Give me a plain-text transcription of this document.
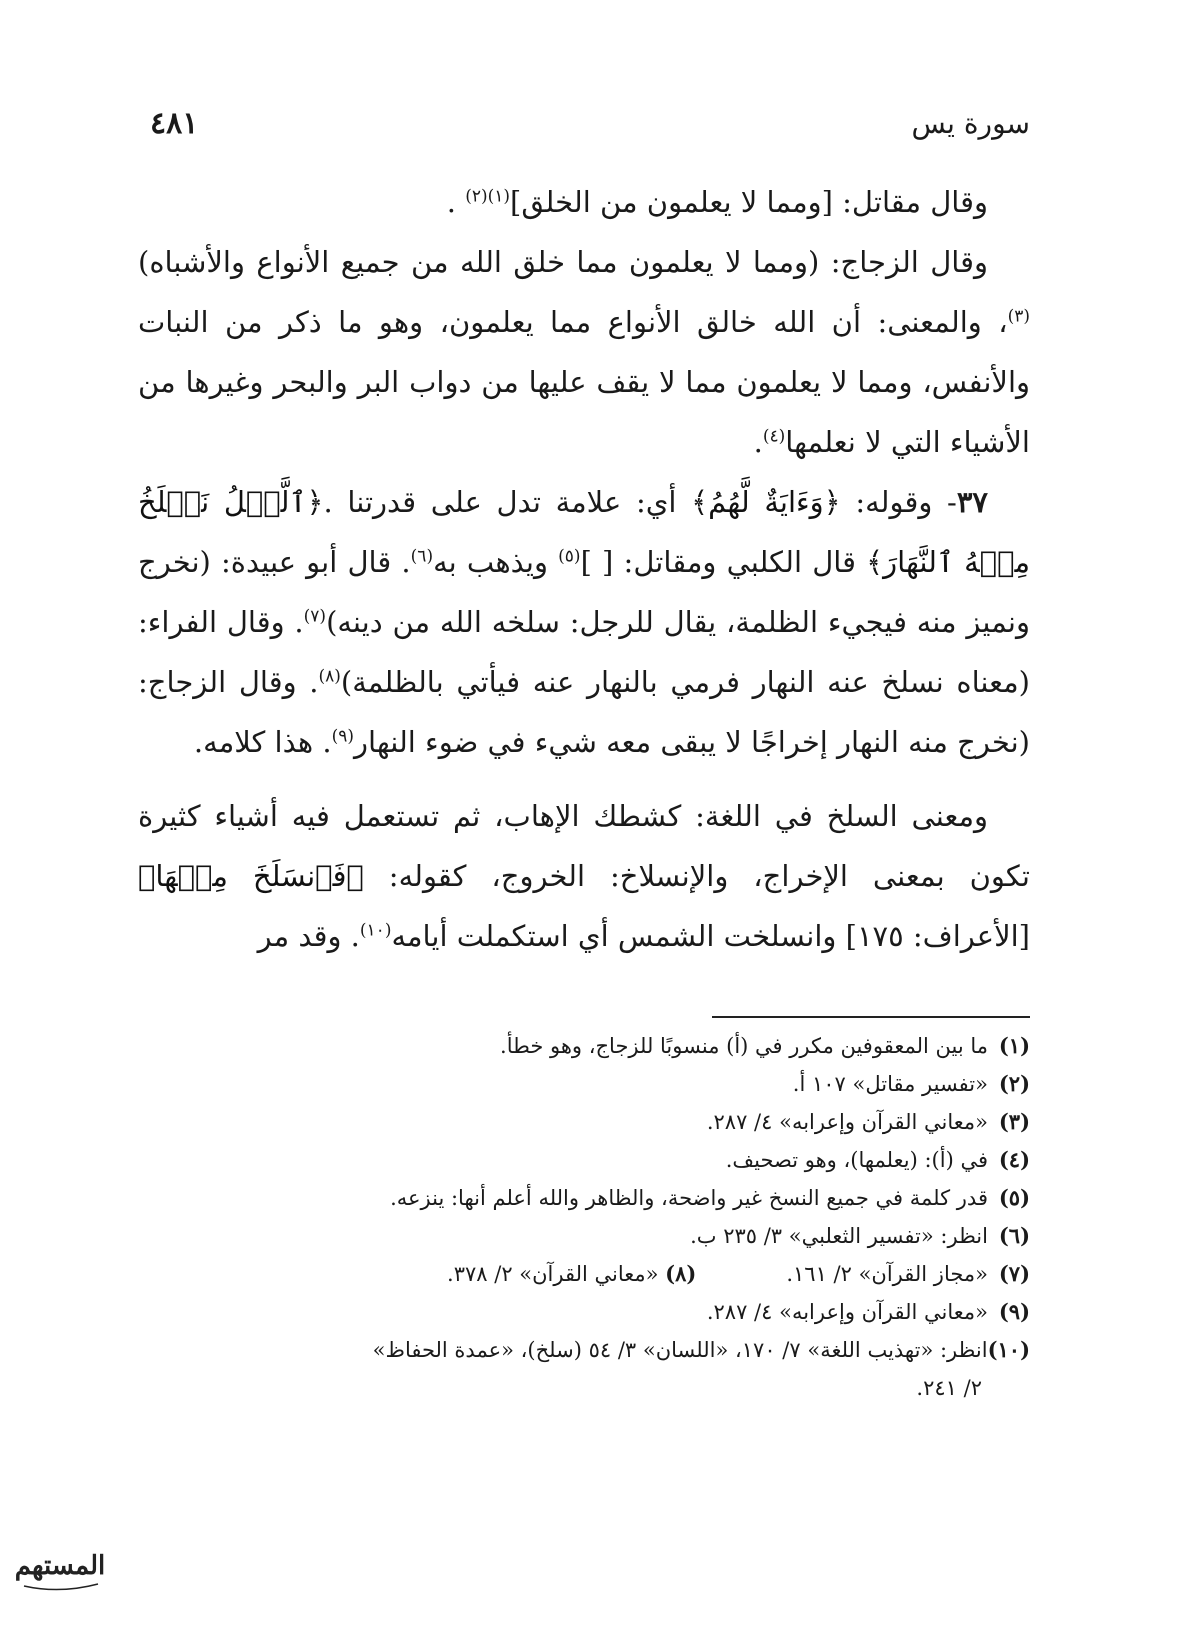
سورة يس
٤٨١

وقال مقاتل: [ومما لا يعلمون من الخلق]$^{(١)(٢)}$ .

وقال الزجاج: (ومما لا يعلمون مما خلق الله من جميع الأنواع والأشباه)$^{(٣)}$، والمعنى: أن الله خالق الأنواع مما يعلمون، وهو ما ذكر من النبات والأنفس، ومما لا يعلمون مما لا يقف عليها من دواب البر والبحر وغيرها من الأشياء التي لا نعلمها$^{(٤)}$.

٣٧- وقوله: ﴿وَءَايَةٌ لَّهُمُ﴾ أي: علامة تدل على قدرتنا .﴿ٱلَّيۡلُ نَسۡلَخُ مِنۡهُ ٱلنَّهَارَ﴾ قال الكلبي ومقاتل: [ ]$^{(٥)}$ ويذهب به$^{(٦)}$. قال أبو عبيدة: (نخرج ونميز منه فيجيء الظلمة، يقال للرجل: سلخه الله من دينه)$^{(٧)}$. وقال الفراء: (معناه نسلخ عنه النهار فرمي بالنهار عنه فيأتي بالظلمة)$^{(٨)}$. وقال الزجاج: (نخرج منه النهار إخراجًا لا يبقى معه شيء في ضوء النهار$^{(٩)}$. هذا كلامه.

ومعنى السلخ في اللغة: كشطك الإهاب، ثم تستعمل فيه أشياء كثيرة تكون بمعنى الإخراج، والإنسلاخ: الخروج، كقوله: ﴿فَٱنسَلَخَ مِنۡهَا﴾ [الأعراف: ١٧٥] وانسلخت الشمس أي استكملت أيامه$^{(١٠)}$. وقد مر

(١)
ما بين المعقوفين مكرر في (أ) منسوبًا للزجاج، وهو خطأ.
(٢)
«تفسير مقاتل» ١٠٧ أ.
(٣)
«معاني القرآن وإعرابه» ٤/ ٢٨٧.
(٤)
في (أ): (يعلمها)، وهو تصحيف.
(٥)
قدر كلمة في جميع النسخ غير واضحة، والظاهر والله أعلم أنها: ينزعه.
(٦)
انظر: «تفسير الثعلبي» ٣/ ٢٣٥ ب.
(٧)
«مجاز القرآن» ٢/ ١٦١.
(٨) «معاني القرآن» ٢/ ٣٧٨.
(٩)
«معاني القرآن وإعرابه» ٤/ ٢٨٧.
(١٠)
انظر: «تهذيب اللغة» ٧/ ١٧٠، «اللسان» ٣/ ٥٤ (سلخ)، «عمدة الحفاظ»
٢/ ٢٤١.
المستهم
